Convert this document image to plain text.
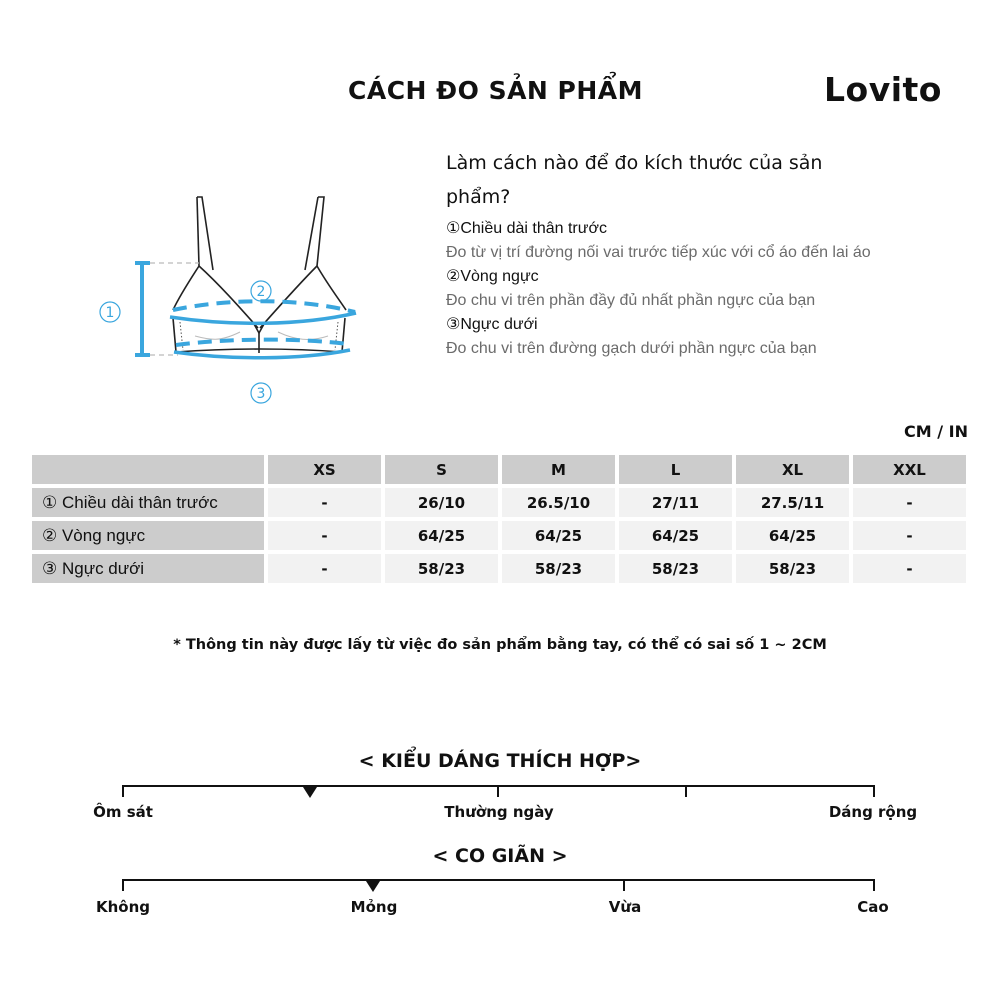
CÁCH ĐO SẢN PHẨM	Lovito
1
2
3
Làm cách nào để đo kích thước của sản phẩm?
①Chiều dài thân trước
Đo từ vị trí đường nối vai trước tiếp xúc với cổ áo đến lai áo
②Vòng ngực
Đo chu vi trên phần đầy đủ nhất phần ngực của bạn
③Ngực dưới
Đo chu vi trên đường gạch dưới phần ngực của bạn
CM / IN
	XS	S	M	L	XL	XXL
① Chiều dài thân trước	-	26/10	26.5/10	27/11	27.5/11	-
② Vòng ngực	-	64/25	64/25	64/25	64/25	-
③ Ngực dưới	-	58/23	58/23	58/23	58/23	-
* Thông tin này được lấy từ việc đo sản phẩm bằng tay, có thể có sai số 1 ~ 2CM
< KIỂU DÁNG THÍCH HỢP>
Ôm sát	Thường ngày	Dáng rộng
< CO GIÃN >
Không	Mỏng	Vừa	Cao
